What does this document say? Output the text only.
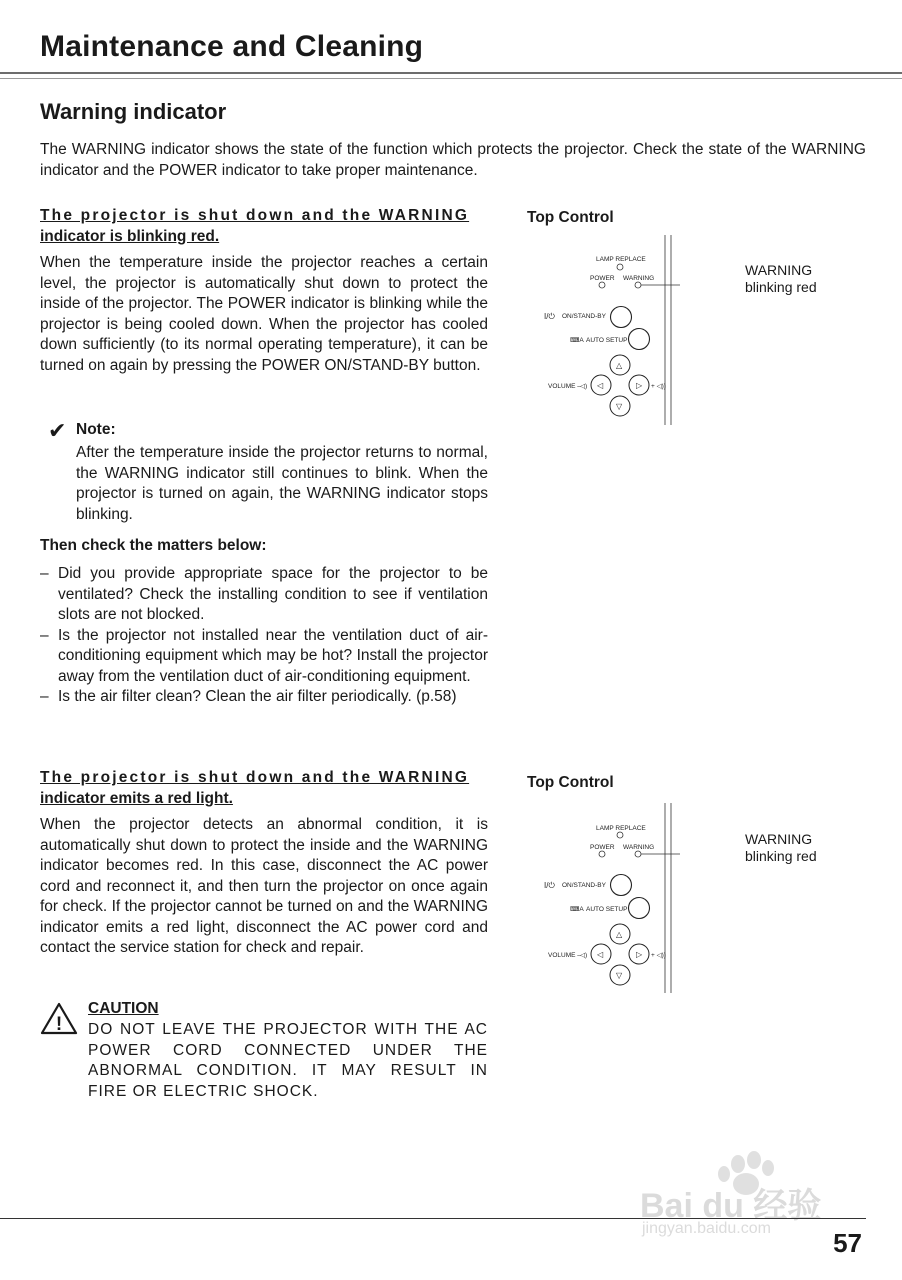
Maintenance and Cleaning
Warning indicator
The WARNING indicator shows the state of the function which protects the projector. Check the state of the WARNING indicator and the POWER indicator to take proper maintenance.
The projector is shut down and the WARNING
indicator is blinking red.
When the temperature inside the projector reaches a certain level, the projector is automatically shut down to protect the inside of the projector. The POWER indicator is blinking while the projector is being cooled down. When the projector has cooled down sufficiently (to its normal operating temperature), it can be turned on again by pressing the POWER ON/STAND-BY button.
✔ Note:
After the temperature inside the projector returns to normal, the WARNING indicator still continues to blink. When the projector is turned on again, the WARNING indicator stops blinking.
Then check the matters below:
– Did you provide appropriate space for the projector to be ventilated? Check the installing condition to see if ventilation slots are not blocked.
– Is the projector not installed near the ventilation duct of air-conditioning equipment which may be hot? Install the projector away from the ventilation duct of air-conditioning equipment.
– Is the air filter clean? Clean the air filter periodically. (p.58)
Top Control
LAMP REPLACE
POWER WARNING
I/⏻ ON/STAND-BY
⌨A AUTO SETUP
△
◁	▷
▽
VOLUME – ◁)	+ ◁))
WARNING
blinking red
The projector is shut down and the WARNING
indicator emits a red light.
When the projector detects an abnormal condition, it is automatically shut down to protect the inside and the WARNING indicator becomes red. In this case, disconnect the AC power cord and reconnect it, and then turn the projector on once again for check. If the projector cannot be turned on and the WARNING indicator emits a red light, disconnect the AC power cord and contact the service station for check and repair.
!
CAUTION
DO NOT LEAVE THE PROJECTOR WITH THE AC POWER CORD CONNECTED UNDER THE ABNORMAL CONDITION. IT MAY RESULT IN FIRE OR ELECTRIC SHOCK.
Top Control
LAMP REPLACE
POWER WARNING
I/⏻ ON/STAND-BY
⌨A AUTO SETUP
△
◁	▷
▽
VOLUME – ◁)	+ ◁))
WARNING
blinking red
Bai du 经验
jingyan.baidu.com 57
